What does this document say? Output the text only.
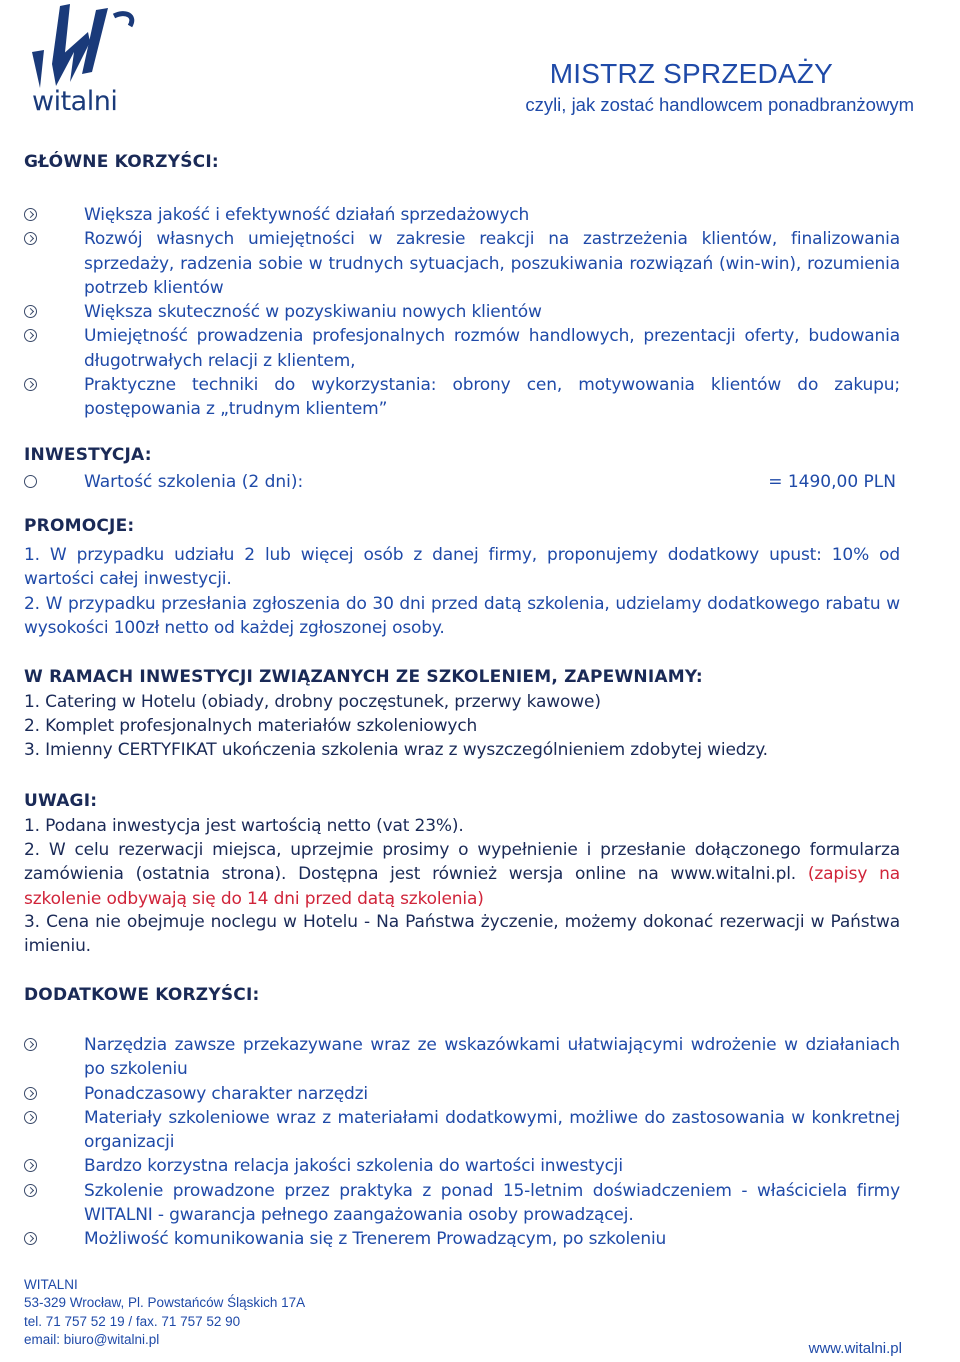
witalni
MISTRZ SPRZEDAŻY
czyli, jak zostać handlowcem ponadbranżowym
GŁÓWNE KORZYŚCI:
Większa jakość i efektywność działań sprzedażowych
Rozwój własnych umiejętności w zakresie reakcji na zastrzeżenia klientów, finalizowania sprzedaży, radzenia sobie w trudnych sytuacjach, poszukiwania rozwiązań (win-win), rozumienia potrzeb klientów
Większa skuteczność w pozyskiwaniu nowych klientów
Umiejętność prowadzenia profesjonalnych rozmów handlowych, prezentacji oferty, budowania długotrwałych relacji z klientem,
Praktyczne techniki do wykorzystania: obrony cen, motywowania klientów do zakupu; postępowania z „trudnym klientem”
INWESTYCJA:
Wartość szkolenia (2 dni):	= 1490,00 PLN
PROMOCJE:

1. W przypadku udziału 2 lub więcej osób z danej firmy, proponujemy dodatkowy upust: 10% od wartości całej inwestycji.

2. W przypadku przesłania zgłoszenia do 30 dni przed datą szkolenia, udzielamy dodatkowego rabatu w wysokości 100zł netto od każdej zgłoszonej osoby.

W RAMACH INWESTYCJI ZWIĄZANYCH ZE SZKOLENIEM, ZAPEWNIAMY:

1. Catering w Hotelu (obiady, drobny poczęstunek, przerwy kawowe)

2. Komplet profesjonalnych materiałów szkoleniowych

3. Imienny CERTYFIKAT ukończenia szkolenia wraz z wyszczególnieniem zdobytej wiedzy.

UWAGI:

1. Podana inwestycja jest wartością netto (vat 23%).

2. W celu rezerwacji miejsca, uprzejmie prosimy o wypełnienie i przesłanie dołączonego formularza zamówienia (ostatnia strona). Dostępna jest również wersja online na www.witalni.pl. (zapisy na szkolenie odbywają się do 14 dni przed datą szkolenia)

3. Cena nie obejmuje noclegu w Hotelu - Na Państwa życzenie, możemy dokonać rezerwacji w Państwa imieniu.

DODATKOWE KORZYŚCI:
Narzędzia zawsze przekazywane wraz ze wskazówkami ułatwiającymi wdrożenie w działaniach po szkoleniu
Ponadczasowy charakter narzędzi
Materiały szkoleniowe wraz z materiałami dodatkowymi, możliwe do zastosowania w konkretnej organizacji
Bardzo korzystna relacja jakości szkolenia do wartości inwestycji
Szkolenie prowadzone przez praktyka z ponad 15-letnim doświadczeniem - właściciela firmy WITALNI - gwarancja pełnego zaangażowania osoby prowadzącej.
Możliwość komunikowania się z Trenerem Prowadzącym, po szkoleniu
WITALNI
53-329 Wrocław, Pl. Powstańców Śląskich 17A
tel. 71 757 52 19 / fax. 71 757 52 90
email: biuro@witalni.pl
www.witalni.pl
